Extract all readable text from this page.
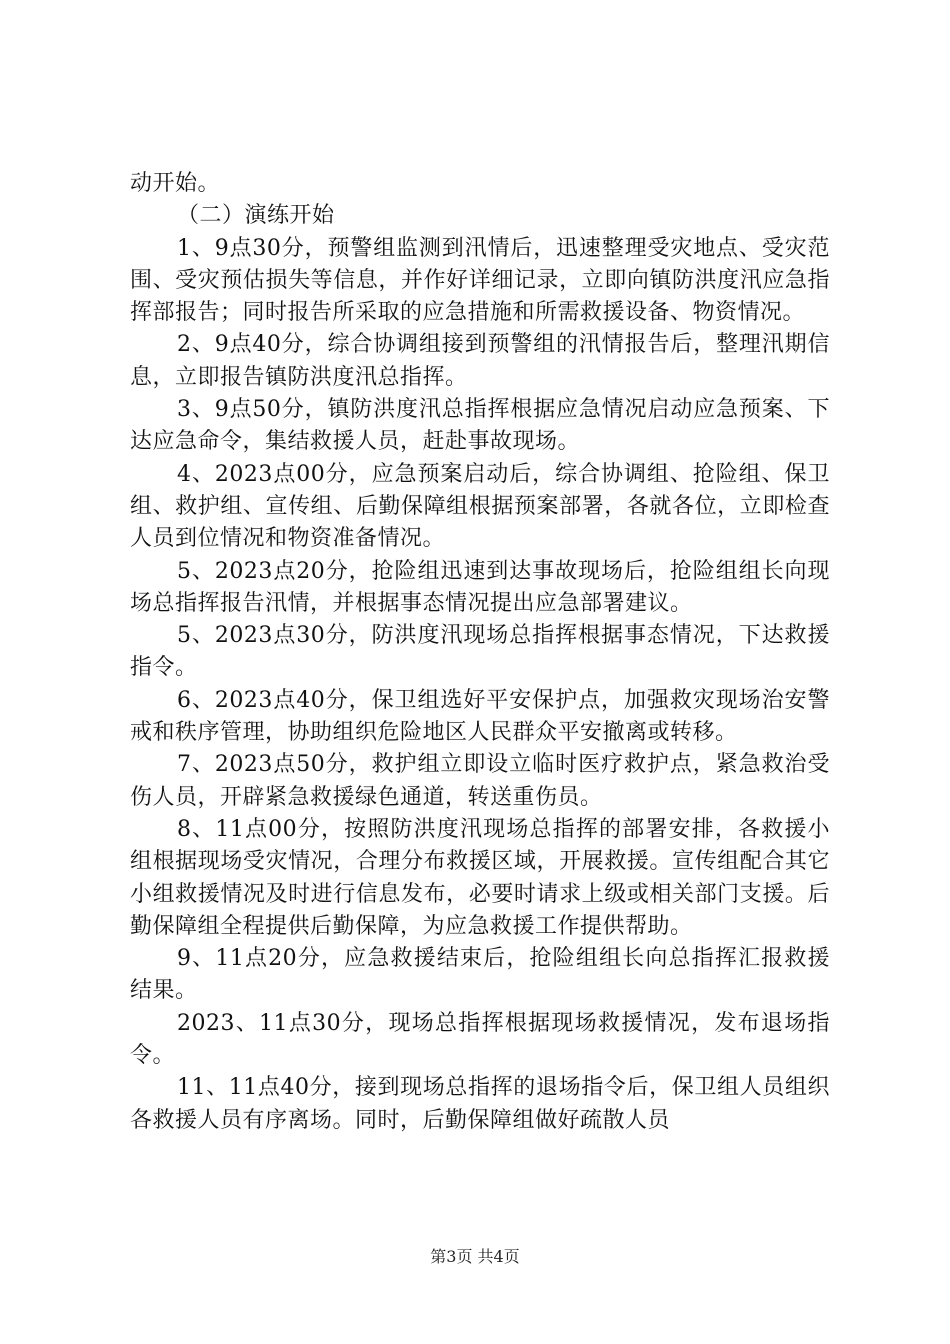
动开始。

（二）演练开始

1、9点30分，预警组监测到汛情后，迅速整理受灾地点、受灾范围、受灾预估损失等信息，并作好详细记录，立即向镇防洪度汛应急指挥部报告；同时报告所采取的应急措施和所需救援设备、物资情况。

2、9点40分，综合协调组接到预警组的汛情报告后，整理汛期信息，立即报告镇防洪度汛总指挥。

3、9点50分，镇防洪度汛总指挥根据应急情况启动应急预案、下达应急命令，集结救援人员，赶赴事故现场。

4、2023点00分，应急预案启动后，综合协调组、抢险组、保卫组、救护组、宣传组、后勤保障组根据预案部署，各就各位，立即检查人员到位情况和物资准备情况。

5、2023点20分，抢险组迅速到达事故现场后，抢险组组长向现场总指挥报告汛情，并根据事态情况提出应急部署建议。

5、2023点30分，防洪度汛现场总指挥根据事态情况，下达救援指令。

6、2023点40分，保卫组选好平安保护点，加强救灾现场治安警戒和秩序管理，协助组织危险地区人民群众平安撤离或转移。

7、2023点50分，救护组立即设立临时医疗救护点，紧急救治受伤人员，开辟紧急救援绿色通道，转送重伤员。

8、11点00分，按照防洪度汛现场总指挥的部署安排，各救援小组根据现场受灾情况，合理分布救援区域，开展救援。宣传组配合其它小组救援情况及时进行信息发布，必要时请求上级或相关部门支援。后勤保障组全程提供后勤保障，为应急救援工作提供帮助。

9、11点20分，应急救援结束后，抢险组组长向总指挥汇报救援结果。

2023、11点30分，现场总指挥根据现场救援情况，发布退场指令。

11、11点40分，接到现场总指挥的退场指令后，保卫组人员组织各救援人员有序离场。同时，后勤保障组做好疏散人员

第3页 共4页
